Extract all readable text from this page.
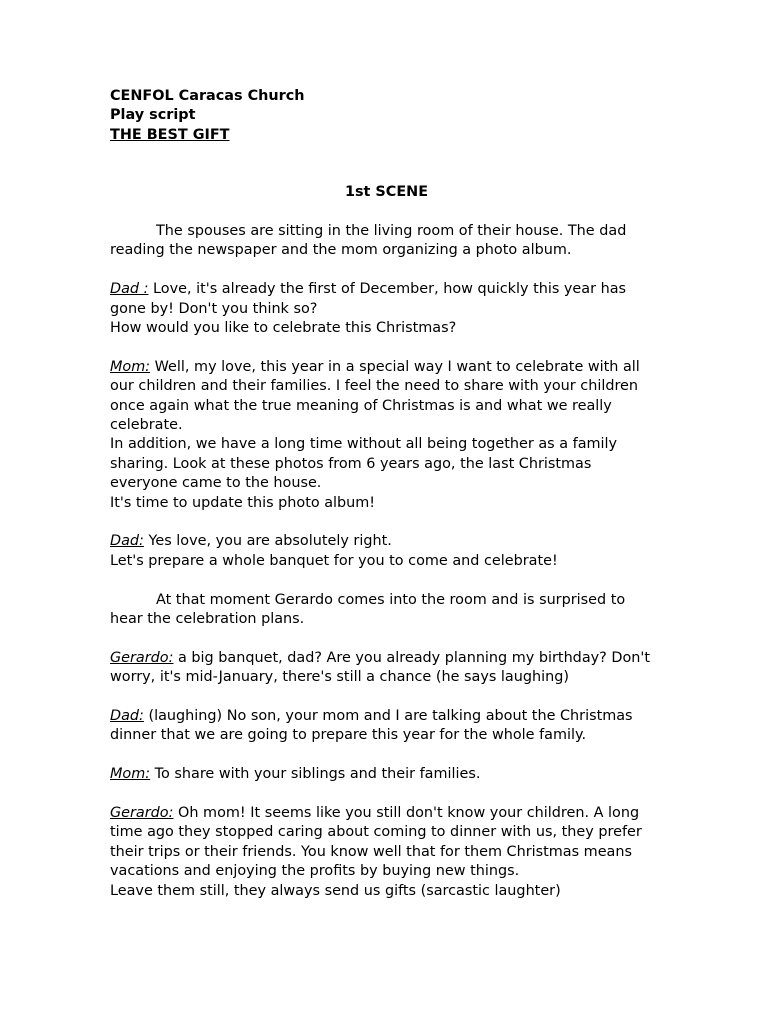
CENFOL Caracas Church
Play script
THE BEST GIFT
1st SCENE

The spouses are sitting in the living room of their house. The dad reading the newspaper and the mom organizing a photo album.

Dad : Love, it's already the first of December, how quickly this year has gone by! Don't you think so?

How would you like to celebrate this Christmas?

Mom: Well, my love, this year in a special way I want to celebrate with all our children and their families. I feel the need to share with your children once again what the true meaning of Christmas is and what we really celebrate.

In addition, we have a long time without all being together as a family sharing. Look at these photos from 6 years ago, the last Christmas everyone came to the house.

It's time to update this photo album!

Dad: Yes love, you are absolutely right.

Let's prepare a whole banquet for you to come and celebrate!

At that moment Gerardo comes into the room and is surprised to hear the celebration plans.

Gerardo: a big banquet, dad? Are you already planning my birthday? Don't worry, it's mid-January, there's still a chance (he says laughing)

Dad: (laughing) No son, your mom and I are talking about the Christmas dinner that we are going to prepare this year for the whole family.

Mom: To share with your siblings and their families.

Gerardo: Oh mom! It seems like you still don't know your children. A long time ago they stopped caring about coming to dinner with us, they prefer their trips or their friends. You know well that for them Christmas means vacations and enjoying the profits by buying new things.

Leave them still, they always send us gifts (sarcastic laughter)
